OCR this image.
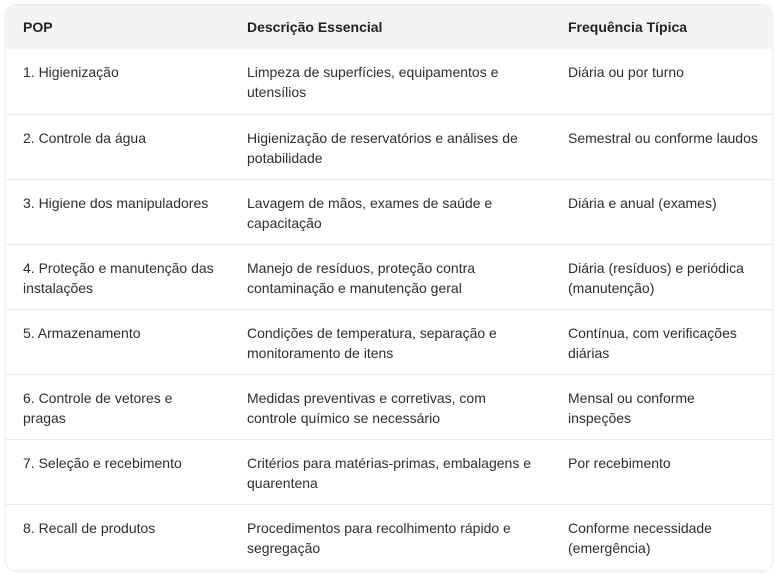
POP	Descrição Essencial	Frequência Típica
1. Higienização	Limpeza de superfícies, equipamentos e utensílios	Diária ou por turno
2. Controle da água	Higienização de reservatórios e análises de potabilidade	Semestral ou conforme laudos
3. Higiene dos manipuladores	Lavagem de mãos, exames de saúde e capacitação	Diária e anual (exames)
4. Proteção e manutenção das instalações	Manejo de resíduos, proteção contra contaminação e manutenção geral	Diária (resíduos) e periódica (manutenção)
5. Armazenamento	Condições de temperatura, separação e monitoramento de itens	Contínua, com verificações diárias
6. Controle de vetores e pragas	Medidas preventivas e corretivas, com controle químico se necessário	Mensal ou conforme inspeções
7. Seleção e recebimento	Critérios para matérias-primas, embalagens e quarentena	Por recebimento
8. Recall de produtos	Procedimentos para recolhimento rápido e segregação	Conforme necessidade (emergência)
